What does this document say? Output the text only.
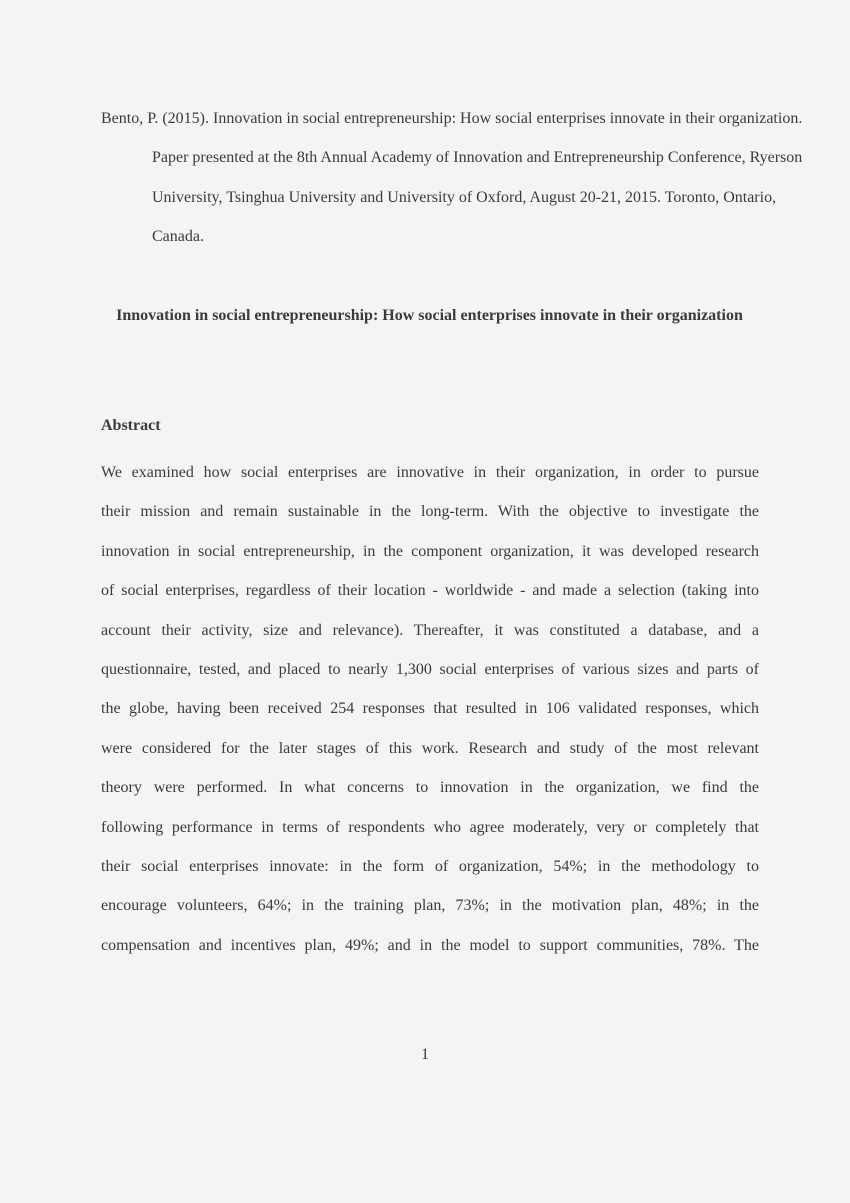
Bento, P. (2015). Innovation in social entrepreneurship: How social enterprises innovate in their organization. Paper presented at the 8th Annual Academy of Innovation and Entrepreneurship Conference, Ryerson University, Tsinghua University and University of Oxford, August 20-21, 2015. Toronto, Ontario, Canada.

Innovation in social entrepreneurship: How social enterprises innovate in their organization
Abstract
We examined how social enterprises are innovative in their organization, in order to pursue
their mission and remain sustainable in the long-term. With the objective to investigate the
innovation in social entrepreneurship, in the component organization, it was developed research
of social enterprises, regardless of their location - worldwide - and made a selection (taking into
account their activity, size and relevance). Thereafter, it was constituted a database, and a
questionnaire, tested, and placed to nearly 1,300 social enterprises of various sizes and parts of
the globe, having been received 254 responses that resulted in 106 validated responses, which
were considered for the later stages of this work. Research and study of the most relevant
theory were performed. In what concerns to innovation in the organization, we find the
following performance in terms of respondents who agree moderately, very or completely that
their social enterprises innovate: in the form of organization, 54%; in the methodology to
encourage volunteers, 64%; in the training plan, 73%; in the motivation plan, 48%; in the
compensation and incentives plan, 49%; and in the model to support communities, 78%. The
1
